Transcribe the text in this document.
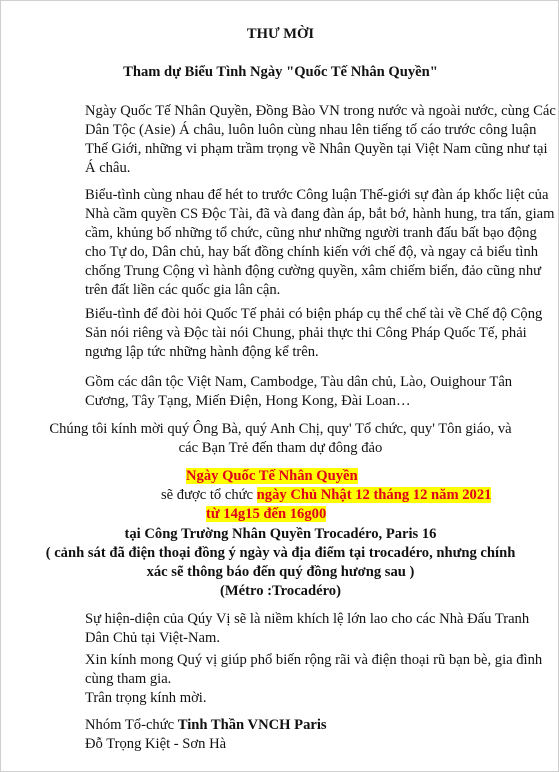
THƯ MỜI

Tham dự Biểu Tình Ngày "Quốc Tế Nhân Quyền"

Ngày Quốc Tế Nhân Quyền, Đồng Bào VN trong nước và ngoài nước, cùng Các

Dân Tộc (Asie) Á châu, luôn luôn cùng nhau lên tiếng tố cáo trước công luận

Thế Giới, những vi phạm trầm trọng về Nhân Quyền tại Việt Nam cũng như tại

Á châu.

Biểu-tình cùng nhau để hét to trước Công luận Thế-giới sự đàn áp khốc liệt của

Nhà cầm quyền CS Độc Tài, đã và đang đàn áp, bắt bớ, hành hung, tra tấn, giam

cầm, khủng bố những tổ chức, cũng như những người tranh đấu bất bạo động

cho Tự do, Dân chủ, hay bất đồng chính kiến với chế độ, và ngay cả biểu tình

chống Trung Cộng vì hành động cường quyền, xâm chiếm biển, đảo cũng như

trên đất liền các quốc gia lân cận.

Biểu-tình để đòi hỏi Quốc Tế phải có biện pháp cụ thể chế tài về Chế độ Cộng

Sản nói riêng và Độc tài nói Chung, phải thực thi Công Pháp Quốc Tế, phải

ngưng lập tức những hành động kể trên.

Gồm các dân tộc Việt Nam, Cambodge, Tàu dân chủ, Lào, Ouighour Tân

Cương, Tây Tạng, Miến Điện, Hong Kong, Đài Loan…

Chúng tôi kính mời quý Ông Bà, quý Anh Chị, quy' Tổ chức, quy' Tôn giáo, và

các Bạn Trẻ đến tham dự đông đảo

Ngày Quốc Tế Nhân Quyền

sẽ được tổ chức ngày Chủ Nhật 12 tháng 12 năm 2021

từ 14g15 đến 16g00

tại Công Trường Nhân Quyền Trocadéro, Paris 16

( cảnh sát đã điện thoại đồng ý ngày và địa điểm tại trocadéro, nhưng chính

xác sẽ thông báo đến quý đồng hương sau )

(Métro :Trocadéro)

Sự hiện-diện của Qúy Vị sẽ là niềm khích lệ lớn lao cho các Nhà Đấu Tranh

Dân Chủ tại Việt-Nam.

Xin kính mong Quý vị giúp phổ biến rộng rãi và điện thoại rũ bạn bè, gia đình

cùng tham gia.

Trân trọng kính mời.

Nhóm Tổ-chức Tinh Thần VNCH Paris

Đỗ Trọng Kiệt - Sơn Hà
